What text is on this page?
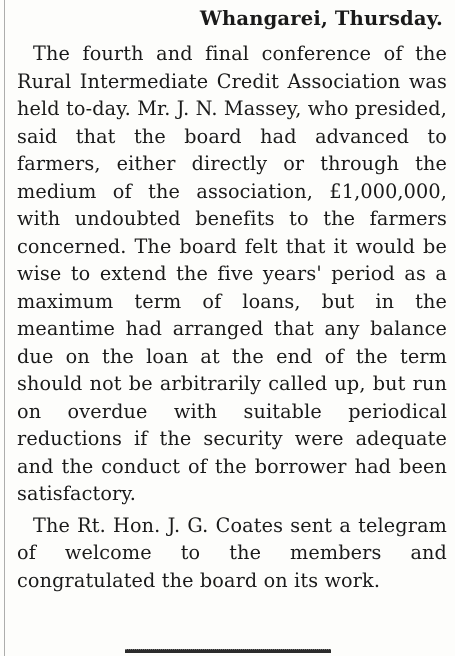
Whangarei, Thursday.

The fourth and final conference of the Rural Intermediate Credit Association was held to-day. Mr. J. N. Massey, who presided, said that the board had advanced to farmers, either directly or through the medium of the association, £1,000,000, with undoubted benefits to the farmers concerned. The board felt that it would be wise to extend the five years' period as a maximum term of loans, but in the meantime had arranged that any balance due on the loan at the end of the term should not be arbitrarily called up, but run on overdue with suitable periodical reductions if the security were adequate and the conduct of the borrower had been satisfactory.

The Rt. Hon. J. G. Coates sent a telegram of welcome to the members and congratulated the board on its work.
